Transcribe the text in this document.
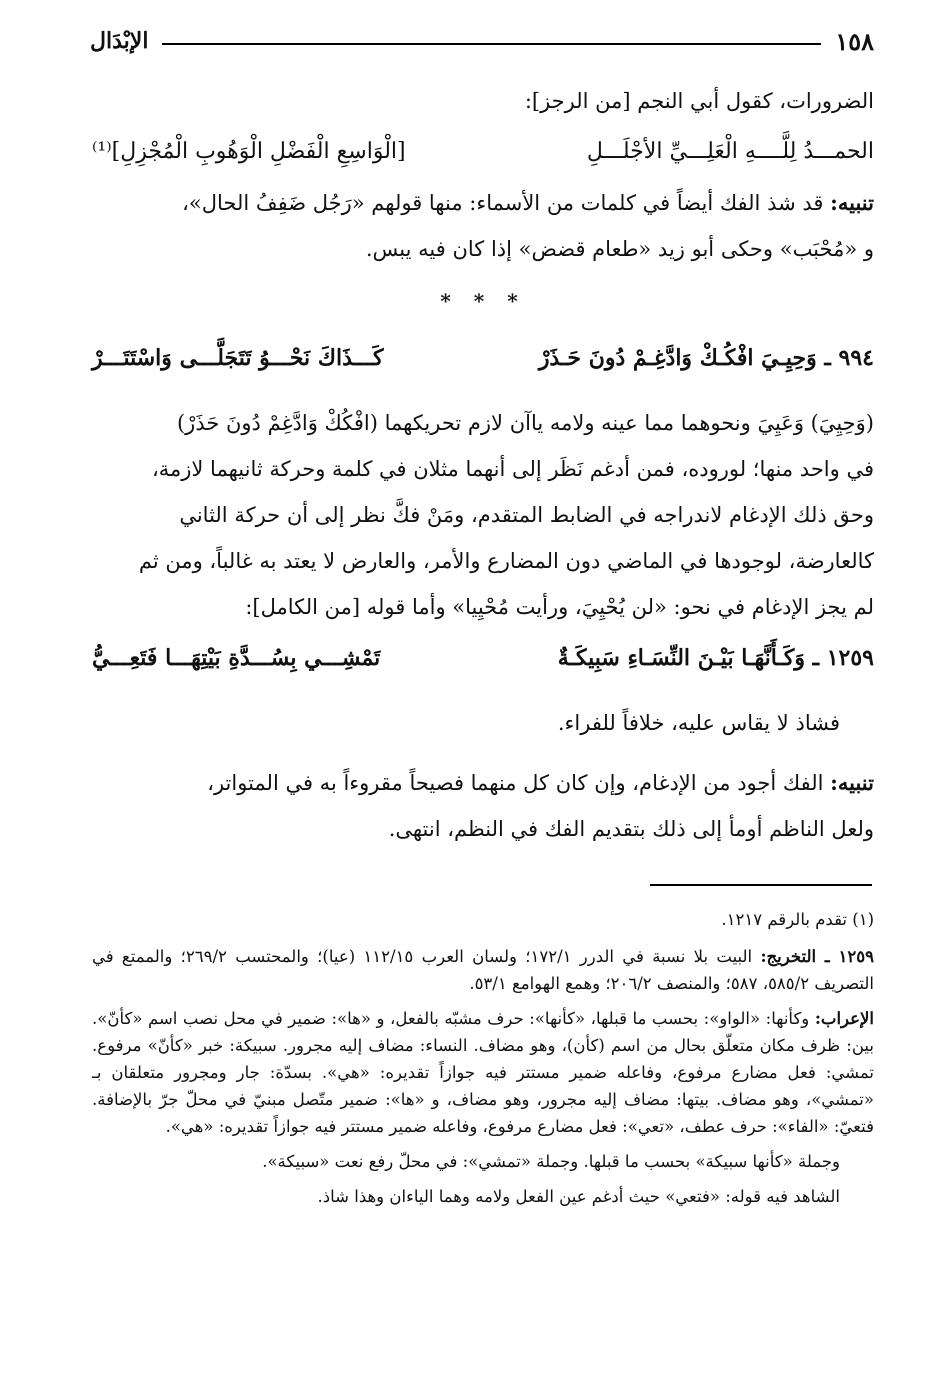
١٥٨
الإبْدَال

الضرورات، كقول أبي النجم [من الرجز]:

الحمـــدُ لِلَّــــهِ الْعَلِـــيِّ الأجْلَـــلِ
[الْوَاسِعِ الْفَضْلِ الْوَهُوبِ الْمُجْزِلِ]⁽¹⁾

تنبيه: قد شذ الفك أيضاً في كلمات من الأسماء: منها قولهم «رَجُل ضَفِفُ الحال»،

و «مُحْبَب» وحكى أبو زيد «طعام قضض» إذا كان فيه يبس.

* * *
٩٩٤ ـ وَحِيِـيَ افْكُـكْ وَادَّغِـمْ دُونَ حَـذَرْ
كَـــذَاكَ نَحْـــوُ تَتَجَلَّـــى وَاسْتَتَـــرْ

(وَحِيِيَ) وَعَيِيَ ونحوهما مما عينه ولامه ياآن لازم تحريكهما (افْكُكْ وَادَّغِمْ دُونَ حَذَرْ)

في واحد منها؛ لوروده، فمن أدغم نَظَر إلى أنهما مثلان في كلمة وحركة ثانيهما لازمة،

وحق ذلك الإدغام لاندراجه في الضابط المتقدم، ومَنْ فكَّ نظر إلى أن حركة الثاني

كالعارضة، لوجودها في الماضي دون المضارع والأمر، والعارض لا يعتد به غالباً، ومن ثم

لم يجز الإدغام في نحو: «لن يُحْيِيَ، ورأيت مُحْيِيا» وأما قوله [من الكامل]:

١٢٥٩ ـ وَكَـأَنَّهَـا بَيْـنَ النِّسَـاءِ سَبِيكَـةٌ
تَمْشِـــي بِسُـــدَّةِ بَيْتِهَـــا فَتَعِـــيُّ

فشاذ لا يقاس عليه، خلافاً للفراء.

تنبيه: الفك أجود من الإدغام، وإن كان كل منهما فصيحاً مقروءاً به في المتواتر،

ولعل الناظم أومأ إلى ذلك بتقديم الفك في النظم، انتهى.

(١) تقدم بالرقم ١٢١٧.

١٢٥٩ ـ التخريج: البيت بلا نسبة في الدرر ١٧٢/١؛ ولسان العرب ١١٢/١٥ (عيا)؛ والمحتسب ٢٦٩/٢؛ والممتع في التصريف ٥٨٥/٢، ٥٨٧؛ والمنصف ٢٠٦/٢؛ وهمع الهوامع ٥٣/١.

الإعراب: وكأنها: «الواو»: بحسب ما قبلها، «كأنها»: حرف مشبّه بالفعل، و «ها»: ضمير في محل نصب اسم «كأنّ». بين: ظرف مكان متعلّق بحال من اسم (كأن)، وهو مضاف. النساء: مضاف إليه مجرور. سبيكة: خبر «كأنّ» مرفوع. تمشي: فعل مضارع مرفوع، وفاعله ضمير مستتر فيه جوازاً تقديره: «هي». بسدّة: جار ومجرور متعلقان بـ «تمشي»، وهو مضاف. بيتها: مضاف إليه مجرور، وهو مضاف، و «ها»: ضمير متّصل مبنيّ في محلّ جرّ بالإضافة. فتعيّ: «الفاء»: حرف عطف، «تعي»: فعل مضارع مرفوع، وفاعله ضمير مستتر فيه جوازاً تقديره: «هي».

وجملة «كأنها سبيكة» بحسب ما قبلها. وجملة «تمشي»: في محلّ رفع نعت «سبيكة».

الشاهد فيه قوله: «فتعي» حيث أدغم عين الفعل ولامه وهما الياءان وهذا شاذ.
